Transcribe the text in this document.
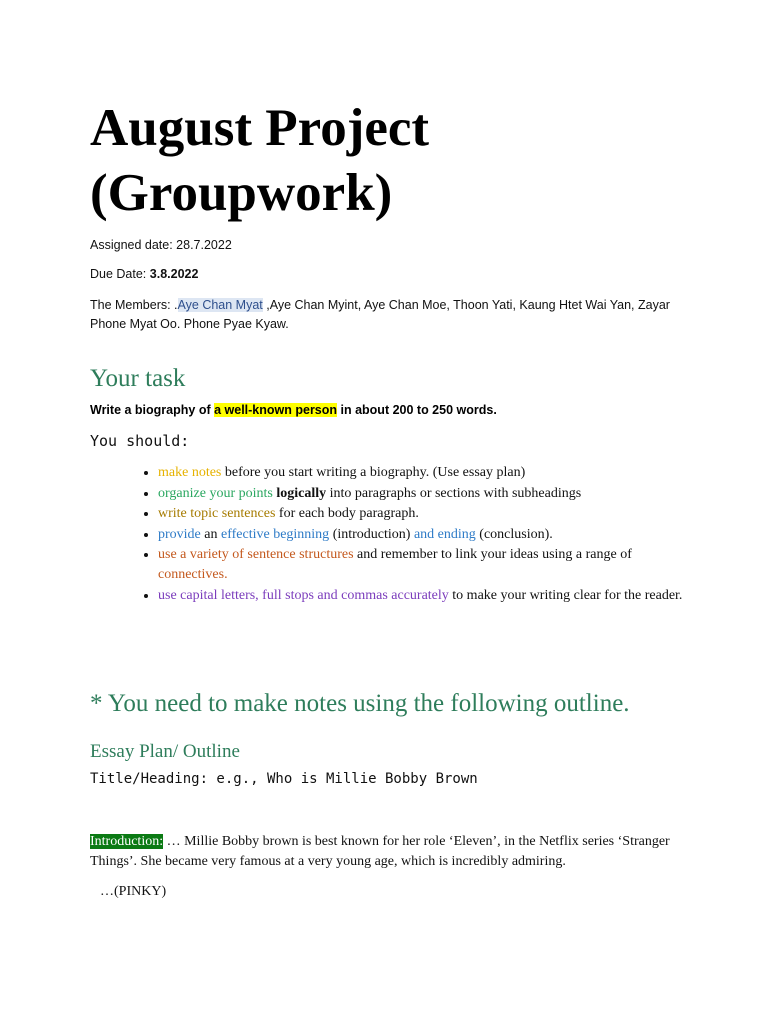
August Project
(Groupwork)
Assigned date: 28.7.2022
Due Date: 3.8.2022
The Members: .Aye Chan Myat ,Aye Chan Myint, Aye Chan Moe, Thoon Yati, Kaung Htet Wai Yan, Zayar Phone Myat Oo. Phone Pyae Kyaw.
Your task
Write a biography of a well-known person in about 200 to 250 words.
You should:
• make notes before you start writing a biography. (Use essay plan)
• organize your points logically into paragraphs or sections with subheadings
• write topic sentences for each body paragraph.
• provide an effective beginning (introduction) and ending (conclusion).
• use a variety of sentence structures and remember to link your ideas using a range of connectives.
• use capital letters, full stops and commas accurately to make your writing clear for the reader.
* You need to make notes using the following outline.
Essay Plan/ Outline
Title/Heading: e.g., Who is Millie Bobby Brown
Introduction: … Millie Bobby brown is best known for her role ‘Eleven’, in the Netflix series ‘Stranger Things’. She became very famous at a very young age, which is incredibly admiring.
…(PINKY)
